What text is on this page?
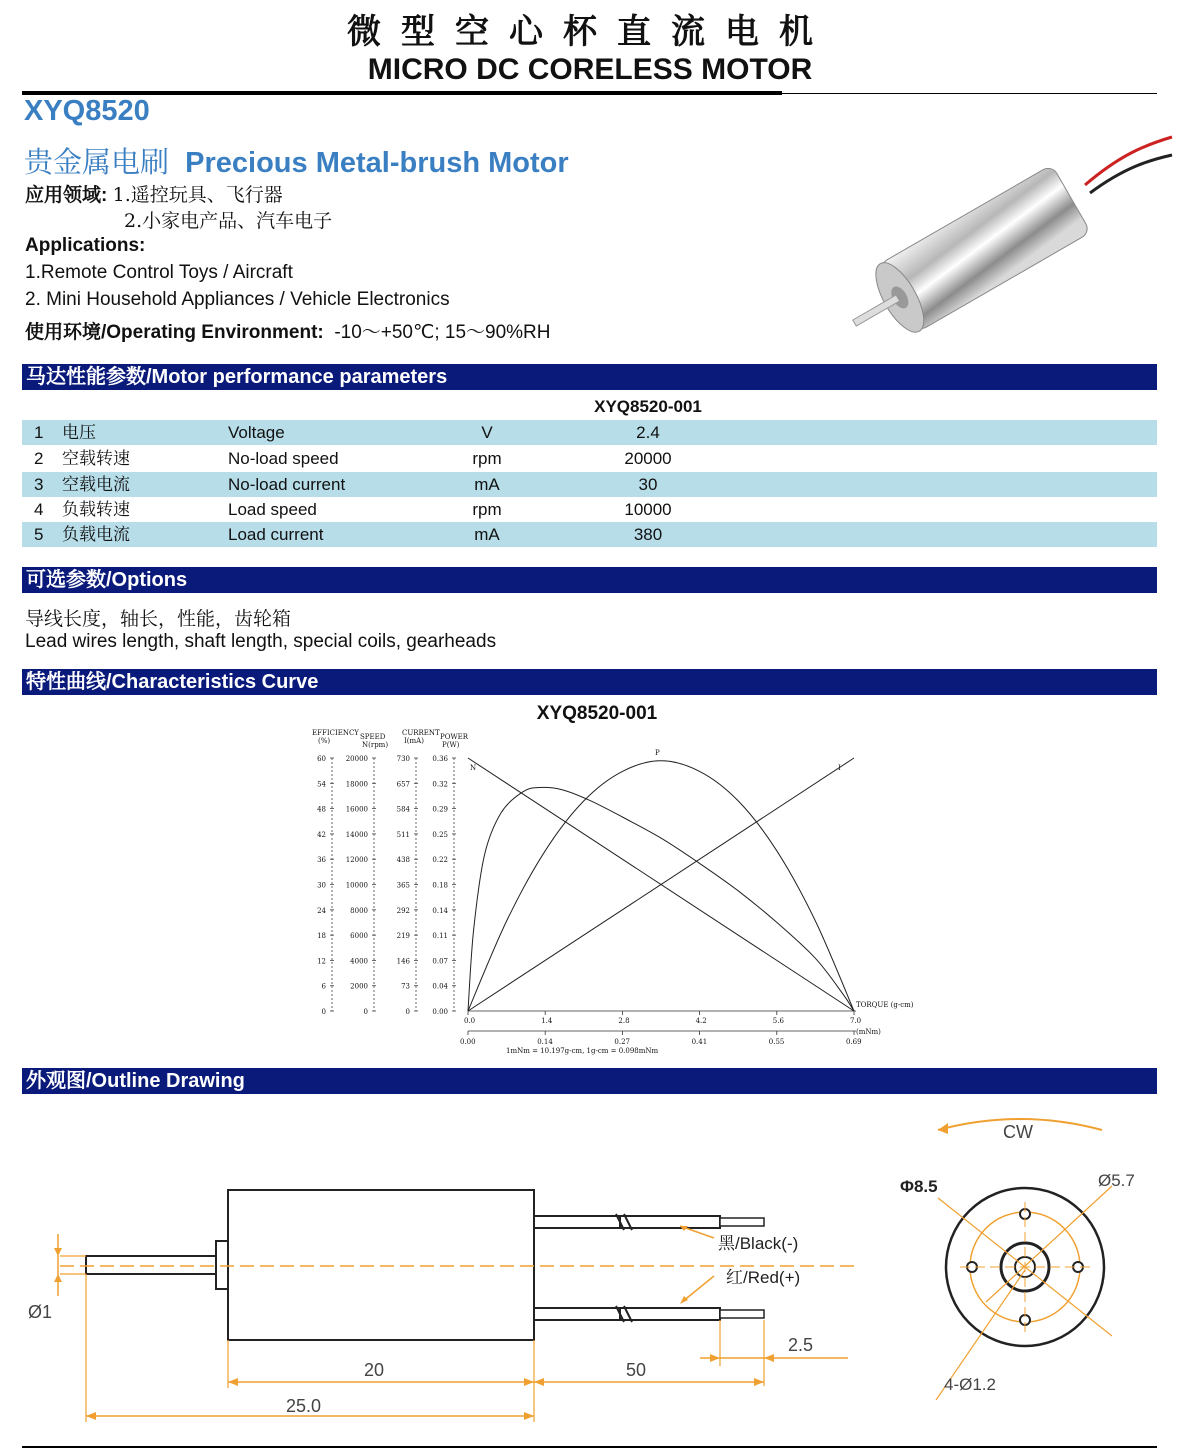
微型空心杯直流电机
MICRO DC CORELESS MOTOR
XYQ8520
贵金属电刷 Precious Metal-brush Motor
应用领域: 1.遥控玩具、飞行器
2.小家电产品、汽车电子
Applications:
1.Remote Control Toys / Aircraft
2. Mini Household Appliances / Vehicle Electronics
使用环境/Operating Environment: -10～+50℃; 15～90%RH
马达性能参数/Motor performance parameters
XYQ8520-001
1 电压	Voltage	V	2.4
2 空载转速	No-load speed	rpm	20000
3 空载电流	No-load current	mA	30
4 负载转速	Load speed	rpm	10000
5 负载电流	Load current	mA	380
可选参数/Options
导线长度，轴长，性能，齿轮箱
Lead wires length, shaft length, special coils, gearheads
特性曲线/Characteristics Curve
XYQ8520-001
EFFICIENCY
(%)
60
54
48
42
36
30
24
18
12
6
0
SPEED
N(rpm)
20000
18000
16000
14000
12000
10000
8000
6000
4000
2000
0
CURRENT
I(mA)
730
657
584
511
438
365
292
219
146
73
0
POWER
P(W)
0.36
0.32
0.29
0.25
0.22
0.18
0.14
0.11
0.07
0.04
0.00
0.0
0.00
1.4
0.14
2.8
0.27
4.2
0.41
5.6
0.55
7.0
0.69
TORQUE (g-cm)
(mNm)
1mNm = 10.197g-cm, 1g-cm = 0.098mNm
N	I
P
外观图/Outline Drawing
黑/Black(-)
红/Red(+)
Ø1
20	50
25.0
2.5
CW
Φ8.5	Ø5.7
4-Ø1.2
